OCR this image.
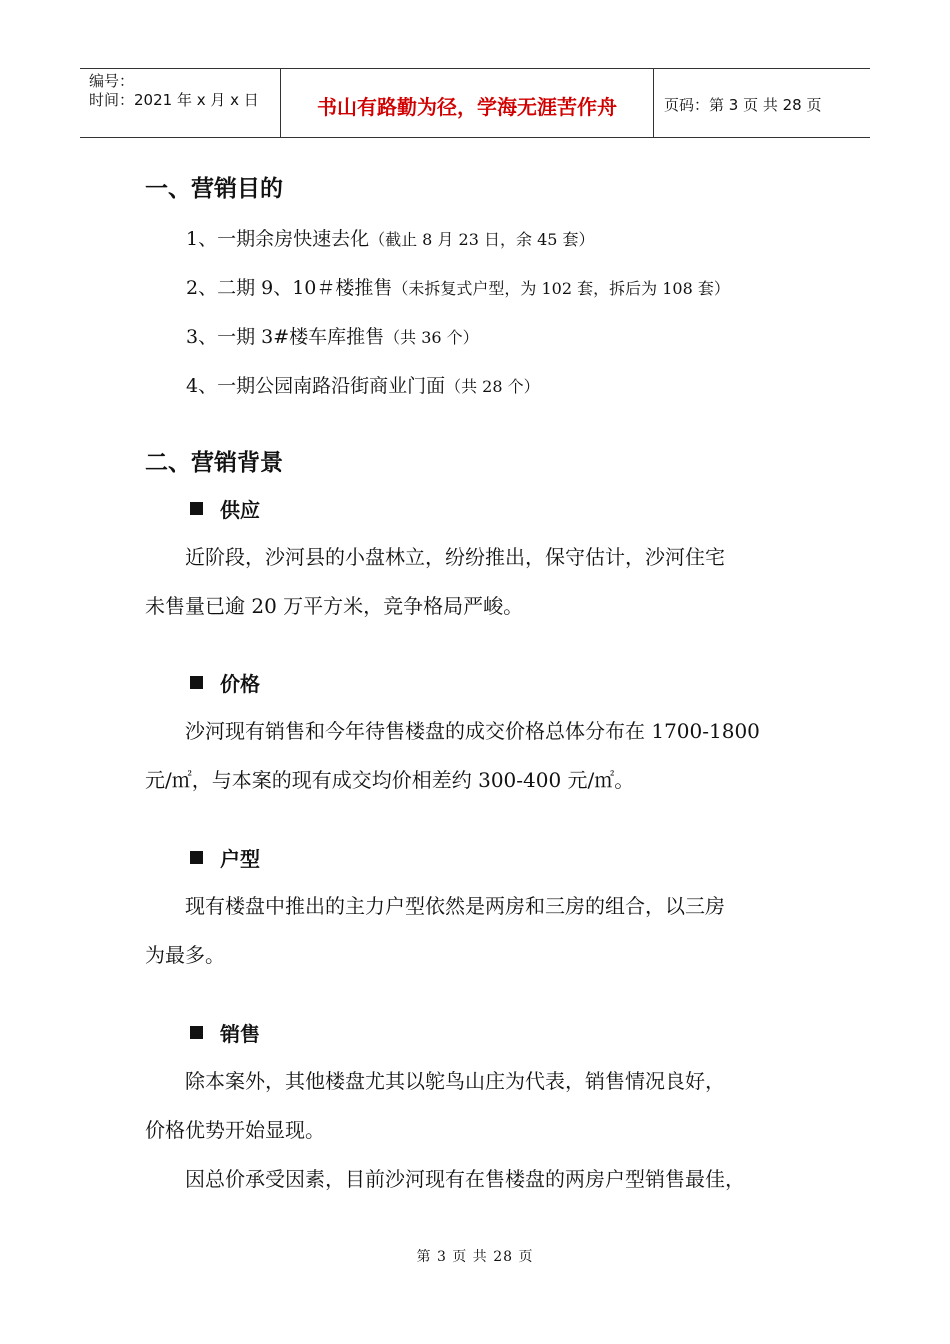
编号：
时间：2021 年 x 月 x 日	书山有路勤为径，学海无涯苦作舟	页码：第 3 页 共 28 页
一、营销目的
1、一期余房快速去化（截止 8 月 23 日，余 45 套）
2、二期 9、10＃楼推售（未拆复式户型，为 102 套，拆后为 108 套）
3、一期 3#楼车库推售（共 36 个）
4、一期公园南路沿街商业门面（共 28 个）
二、营销背景
供应
近阶段，沙河县的小盘林立，纷纷推出，保守估计，沙河住宅
未售量已逾 20 万平方米，竞争格局严峻。
价格
沙河现有销售和今年待售楼盘的成交价格总体分布在 1700-1800
元/㎡，与本案的现有成交均价相差约 300-400 元/㎡。
户型
现有楼盘中推出的主力户型依然是两房和三房的组合，以三房
为最多。
销售
除本案外，其他楼盘尤其以鸵鸟山庄为代表，销售情况良好，
价格优势开始显现。
因总价承受因素，目前沙河现有在售楼盘的两房户型销售最佳，
第 3 页 共 28 页
